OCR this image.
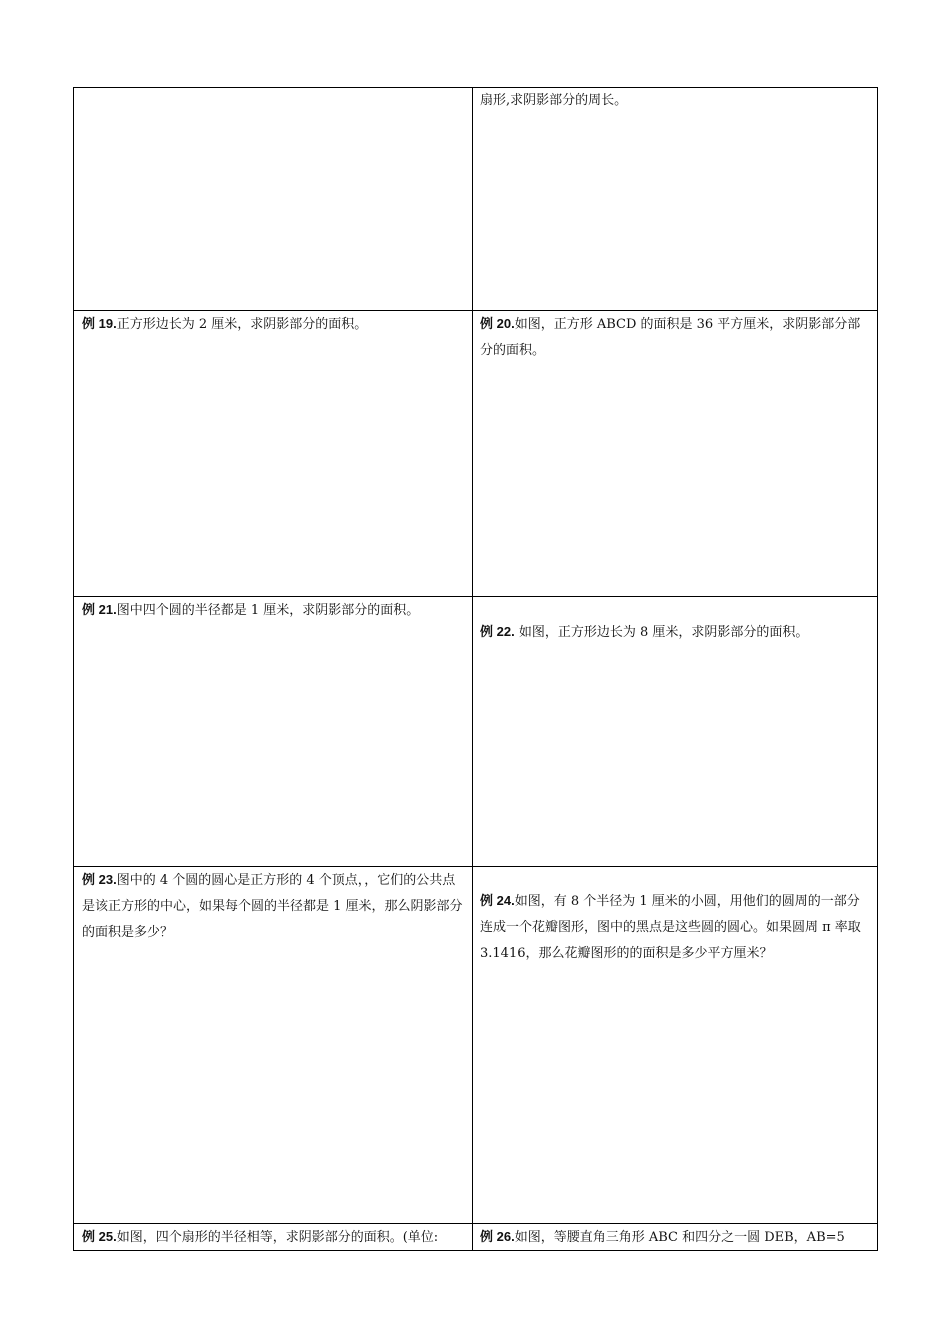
扇形,求阴影部分的周长。
例 19.正方形边长为 2 厘米，求阴影部分的面积。	例 20.如图，正方形 ABCD 的面积是 36 平方厘米，求阴影部分部分的面积。
例 21.图中四个圆的半径都是 1 厘米，求阴影部分的面积。
例 22. 如图，正方形边长为 8 厘米，求阴影部分的面积。
例 23.图中的 4 个圆的圆心是正方形的 4 个顶点，，它们的公共点是该正方形的中心，如果每个圆的半径都是 1 厘米，那么阴影部分的面积是多少？
例 24.如图，有 8 个半径为 1 厘米的小圆，用他们的圆周的一部分连成一个花瓣图形，图中的黑点是这些圆的圆心。如果圆周 π 率取 3.1416，那么花瓣图形的的面积是多少平方厘米？
例 25.如图，四个扇形的半径相等，求阴影部分的面积。(单位:	例 26.如图，等腰直角三角形 ABC 和四分之一圆 DEB，AB=5
